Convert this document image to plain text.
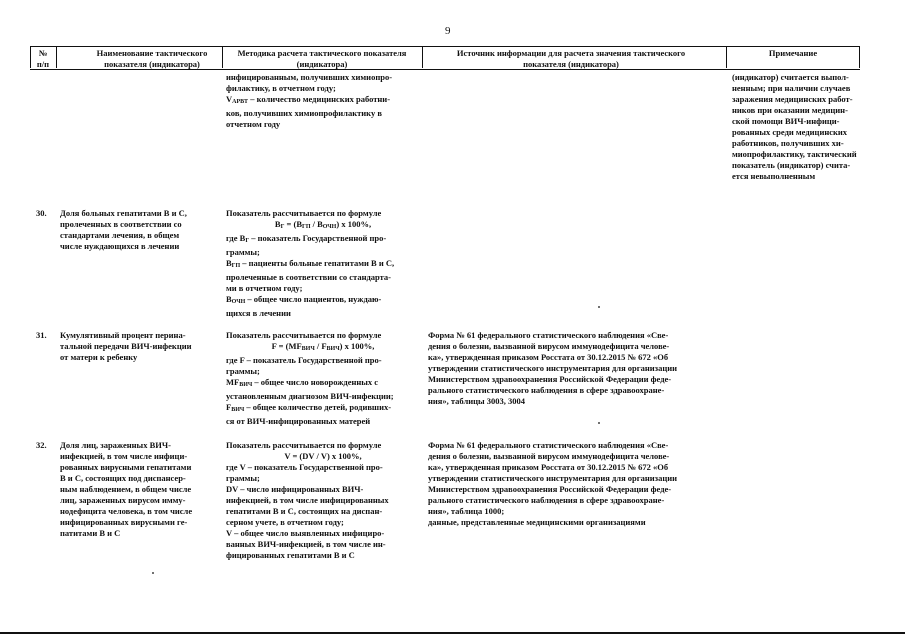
9
№
п/п
Наименование тактического
показателя (индикатора)
Методика расчета тактического показателя
(индикатора)
Источник информации для расчета значения тактического
показателя (индикатора)
Примечание
инфицированным, получивших химиопро-
филактику, в отчетном году;
$V_{АРВТ}$ – количество медицинских работни-
ков, получивших химиопрофилактику в
отчетном году
(индикатор) считается выпол-
ненным; при наличии случаев
заражения медицинских работ-
ников при оказании медицин-
ской помощи ВИЧ-инфици-
рованных среди медицинских
работников, получивших хи-
миопрофилактику, тактический
показатель (индикатор) счита-
ется невыполненным
30. Доля больных гепатитами В и С,
пролеченных в соответствии со
стандартами лечения, в общем
числе нуждающихся в лечении
Показатель рассчитывается по формуле
$B_Г = (B_{ГП} / B_{ОЧН})$ x 100%,
где $B_Г$ – показатель Государственной про-
граммы;
$B_{ГП}$ – пациенты больные гепатитами В и С,
пролеченные в соответствии со стандарта-
ми в отчетном году;
$B_{ОЧН}$ – общее число пациентов, нуждаю-
щихся в лечении
31. Кумулятивный процент перина-
тальной передачи ВИЧ-инфекции
от матери к ребенку
Показатель рассчитывается по формуле
$F = (MF_{ВИЧ} / F_{ВИЧ})$ x 100%,
где F – показатель Государственной про-
граммы;
$MF_{ВИЧ}$ – общее число новорожденных с
установленным диагнозом ВИЧ-инфекции;
$F_{ВИЧ}$ – общее количество детей, родивших-
ся от ВИЧ-инфицированных матерей
Форма № 61 федерального статистического наблюдения «Све-
дения о болезни, вызванной вирусом иммунодефицита челове-
ка», утвержденная приказом Росстата от 30.12.2015 № 672 «Об
утверждении статистического инструментария для организации
Министерством здравоохранения Российской Федерации феде-
рального статистического наблюдения в сфере здравоохране-
ния», таблицы 3003, 3004
32. Доля лиц, зараженных ВИЧ-
инфекцией, в том числе инфици-
рованных вирусными гепатитами
В и С, состоящих под диспансер-
ным наблюдением, в общем числе
лиц, зараженных вирусом имму-
нодефицита человека, в том числе
инфицированных вирусными ге-
патитами В и С
Показатель рассчитывается по формуле
V = (DV / V) x 100%,
где V – показатель Государственной про-
граммы;
DV – число инфицированных ВИЧ-
инфекцией, в том числе инфицированных
гепатитами В и С, состоящих на диспан-
серном учете, в отчетном году;
V – общее число выявленных инфициро-
ванных ВИЧ-инфекцией, в том числе ин-
фицированных гепатитами В и С
Форма № 61 федерального статистического наблюдения «Све-
дения о болезни, вызванной вирусом иммунодефицита челове-
ка», утвержденная приказом Росстата от 30.12.2015 № 672 «Об
утверждении статистического инструментария для организации
Министерством здравоохранения Российской Федерации феде-
рального статистического наблюдения в сфере здравоохране-
ния», таблица 1000;
данные, представленные медицинскими организациями
